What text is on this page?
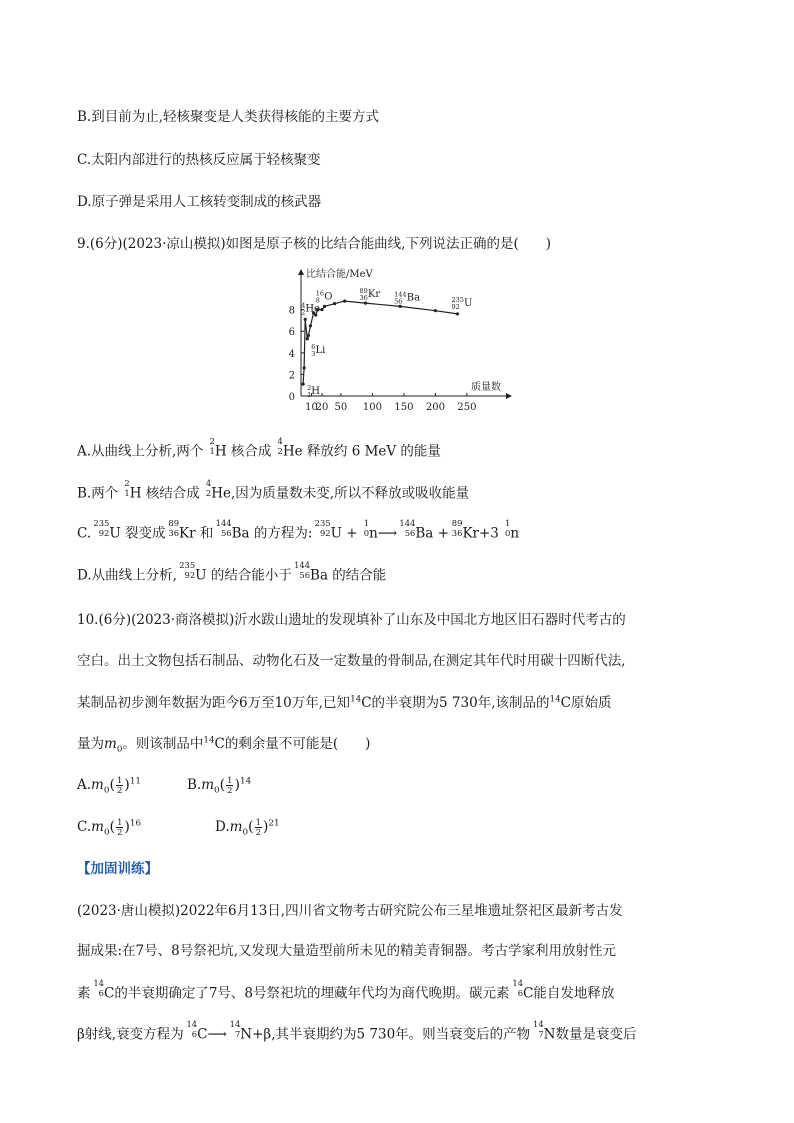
B.到目前为止,轻核聚变是人类获得核能的主要方式
C.太阳内部进行的热核反应属于轻核聚变
D.原子弹是采用人工核转变制成的核武器
9.(6分)(2023·凉山模拟)如图是原子核的比结合能曲线,下列说法正确的是(　　)
0
2
4
6
8
10
20 50 100 150 200 250
比结合能/MeV
质量数
$^2$ 1H
$^4$ 2He
$^6$ 3Li
$^{16}$ 8 O
$^{89}$ 36Kr $^{144}$ 56 Ba	$^{235}$ 92 U
A.从曲线上分析,两个
2
1 H 核合成
4
2 He 释放约 6 MeV 的能量
B.两个
2
1 H 核结合成
4
2 He,因为质量数未变,所以不释放或吸收能量
C.
235
92 U 裂变成
89
36 Kr 和
144
56 Ba 的方程为:
235
92 U +
1
0 n⟶
144
56 Ba +
89
36 Kr+3
1
0 n
D.从曲线上分析,
235
92 U 的结合能小于
144
56 Ba 的结合能
10.(6分)(2023·商洛模拟)沂水跋山遗址的发现填补了山东及中国北方地区旧石器时代考古的
空白。出土文物包括石制品、动物化石及一定数量的骨制品,在测定其年代时用碳十四断代法,
某制品初步测年数据为距今6万至10万年,已知$^{14}$C的半衰期为5 730年,该制品的$^{14}$C原始质
量为$m_0$。则该制品中$^{14}$C的剩余量不可能是(　　)
$A.m_0( \frac{1}{2} )^{11}$	$B.m_0( \frac{1}{2} )^{14}$
$C.m_0( \frac{1}{2} )^{16}$	$D.m_0( \frac{1}{2} )^{21}$
【加固训练】
(2023·唐山模拟)2022年6月13日,四川省文物考古研究院公布三星堆遗址祭祀区最新考古发
掘成果:在7号、8号祭祀坑,又发现大量造型前所未见的精美青铜器。考古学家利用放射性元
素
14
6 C的半衰期确定了7号、8号祭祀坑的埋藏年代均为商代晚期。碳元素
14
6 C能自发地释放
β射线,衰变方程为
14
6 C⟶
14
7 N+β,其半衰期约为5 730年。则当衰变后的产物
14
7 N数量是衰变后
